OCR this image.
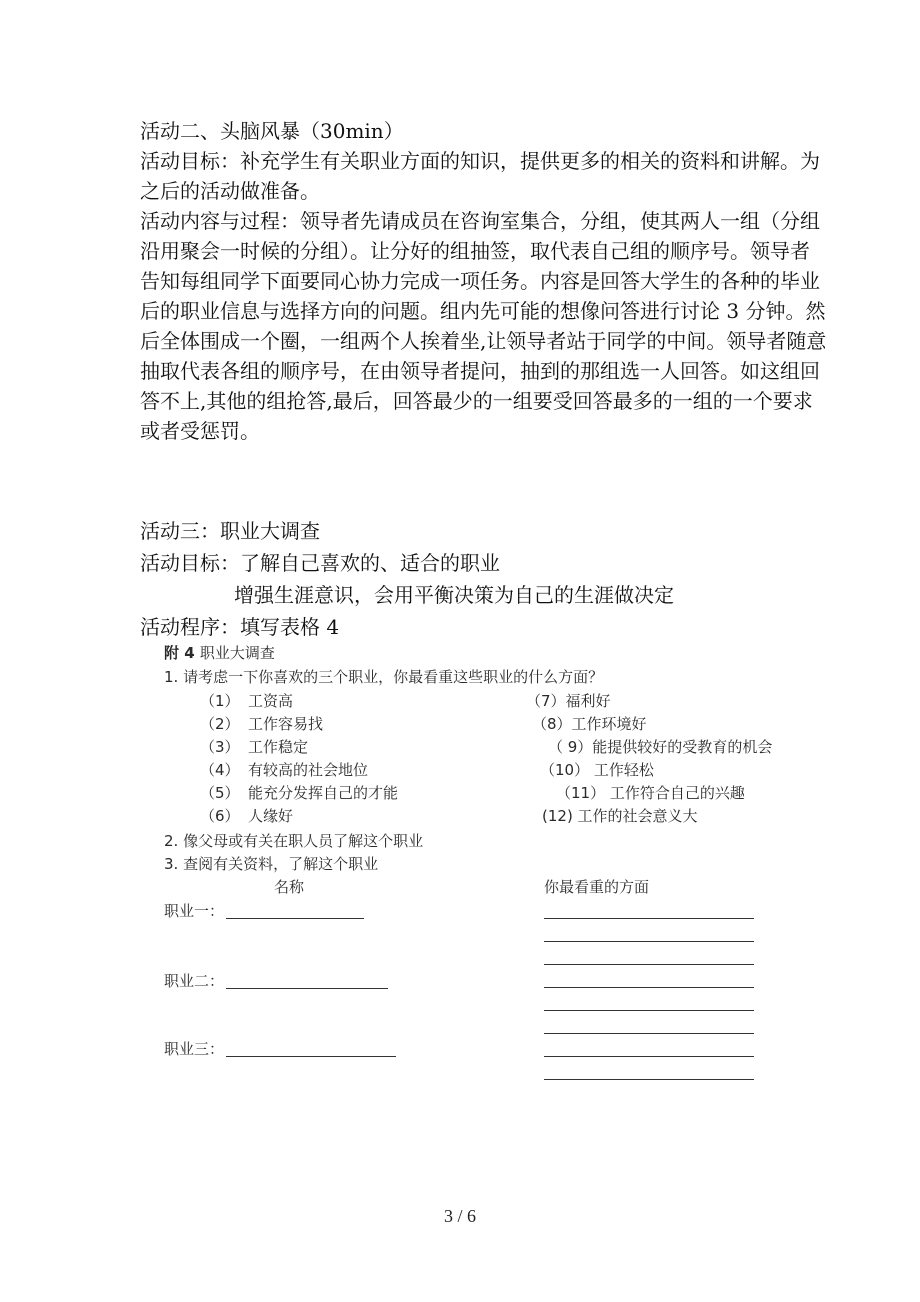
活动二、头脑风暴（30min）

活动目标：补充学生有关职业方面的知识，提供更多的相关的资料和讲解。为

之后的活动做准备。

活动内容与过程：领导者先请成员在咨询室集合，分组，使其两人一组（分组

沿用聚会一时候的分组）。让分好的组抽签，取代表自己组的顺序号。领导者

告知每组同学下面要同心协力完成一项任务。内容是回答大学生的各种的毕业

后的职业信息与选择方向的问题。组内先可能的想像问答进行讨论 3 分钟。然

后全体围成一个圈，一组两个人挨着坐,让领导者站于同学的中间。领导者随意

抽取代表各组的顺序号，在由领导者提问，抽到的那组选一人回答。如这组回

答不上,其他的组抢答,最后，回答最少的一组要受回答最多的一组的一个要求

或者受惩罚。

活动三：职业大调查

活动目标：了解自己喜欢的、适合的职业

增强生涯意识，会用平衡决策为自己的生涯做决定

活动程序：填写表格 4

附 4 职业大调查
1. 请考虑一下你喜欢的三个职业，你最看重这些职业的什么方面？
（1） 工资高
（2） 工作容易找
（3） 工作稳定
（4） 有较高的社会地位
（5） 能充分发挥自己的才能
（6） 人缘好
（7）福利好
（8）工作环境好
（ 9）能提供较好的受教育的机会
（10） 工作轻松
（11） 工作符合自己的兴趣
(12) 工作的社会意义大
2. 像父母或有关在职人员了解这个职业
3. 查阅有关资料，了解这个职业
名称	你最看重的方面
职业一：
职业二：
职业三：
3 / 6
